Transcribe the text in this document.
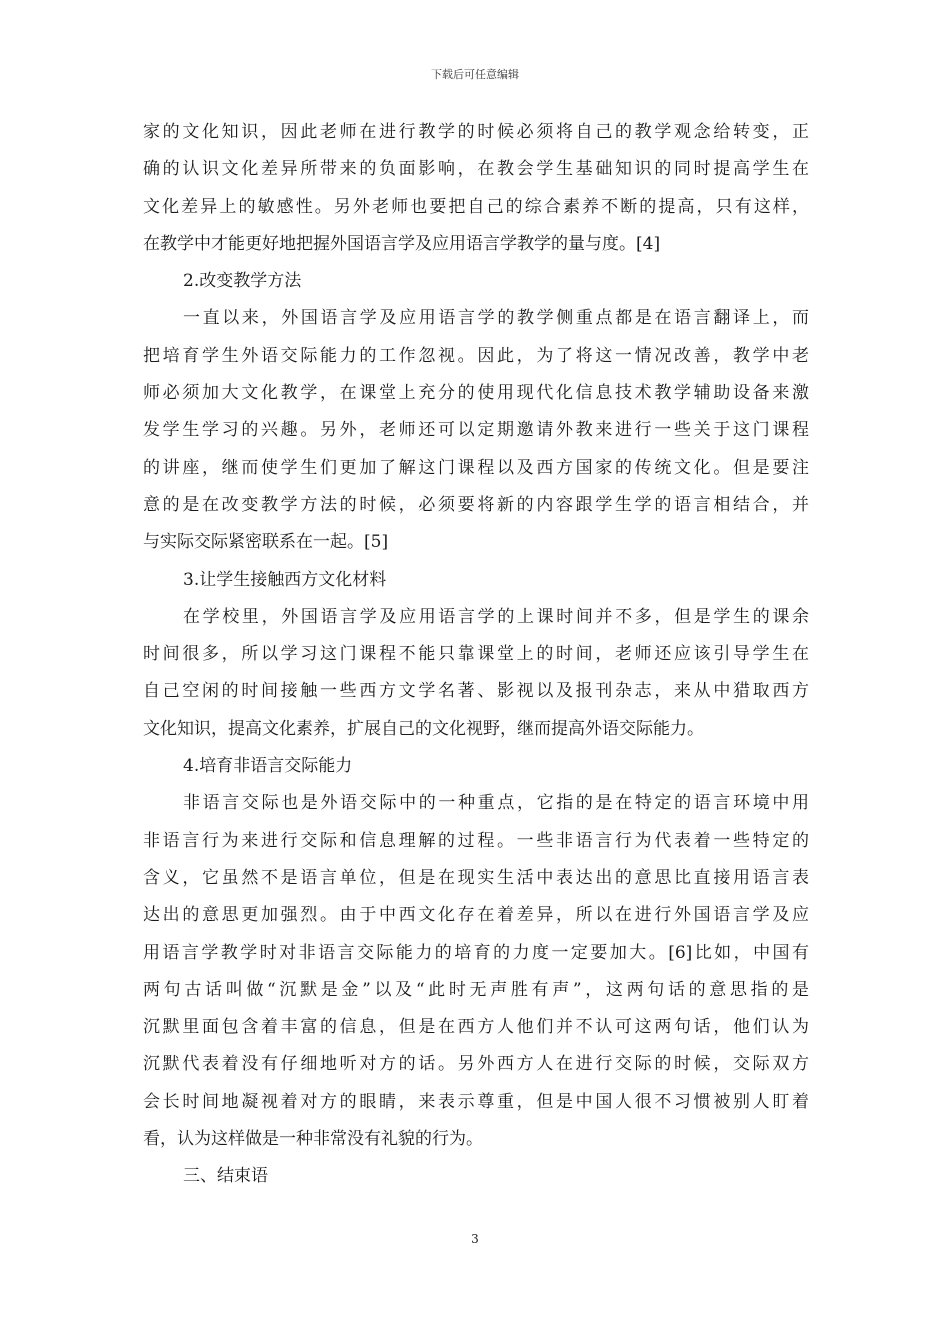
下载后可任意编辑
家的文化知识，因此老师在进行教学的时候必须将自己的教学观念给转变，正
确的认识文化差异所带来的负面影响，在教会学生基础知识的同时提高学生在
文化差异上的敏感性。另外老师也要把自己的综合素养不断的提高，只有这样，
在教学中才能更好地把握外国语言学及应用语言学教学的量与度。[4]
2.改变教学方法
一直以来，外国语言学及应用语言学的教学侧重点都是在语言翻译上，而
把培育学生外语交际能力的工作忽视。因此，为了将这一情况改善，教学中老
师必须加大文化教学，在课堂上充分的使用现代化信息技术教学辅助设备来激
发学生学习的兴趣。另外，老师还可以定期邀请外教来进行一些关于这门课程
的讲座，继而使学生们更加了解这门课程以及西方国家的传统文化。但是要注
意的是在改变教学方法的时候，必须要将新的内容跟学生学的语言相结合，并
与实际交际紧密联系在一起。[5]
3.让学生接触西方文化材料
在学校里，外国语言学及应用语言学的上课时间并不多，但是学生的课余
时间很多，所以学习这门课程不能只靠课堂上的时间，老师还应该引导学生在
自己空闲的时间接触一些西方文学名著、影视以及报刊杂志，来从中猎取西方
文化知识，提高文化素养，扩展自己的文化视野，继而提高外语交际能力。
4.培育非语言交际能力
非语言交际也是外语交际中的一种重点，它指的是在特定的语言环境中用
非语言行为来进行交际和信息理解的过程。一些非语言行为代表着一些特定的
含义，它虽然不是语言单位，但是在现实生活中表达出的意思比直接用语言表
达出的意思更加强烈。由于中西文化存在着差异，所以在进行外国语言学及应
用语言学教学时对非语言交际能力的培育的力度一定要加大。[6]比如，中国有
两句古话叫做“沉默是金”以及“此时无声胜有声”，这两句话的意思指的是
沉默里面包含着丰富的信息，但是在西方人他们并不认可这两句话，他们认为
沉默代表着没有仔细地听对方的话。另外西方人在进行交际的时候，交际双方
会长时间地凝视着对方的眼睛，来表示尊重，但是中国人很不习惯被别人盯着
看，认为这样做是一种非常没有礼貌的行为。
三、结束语
3
